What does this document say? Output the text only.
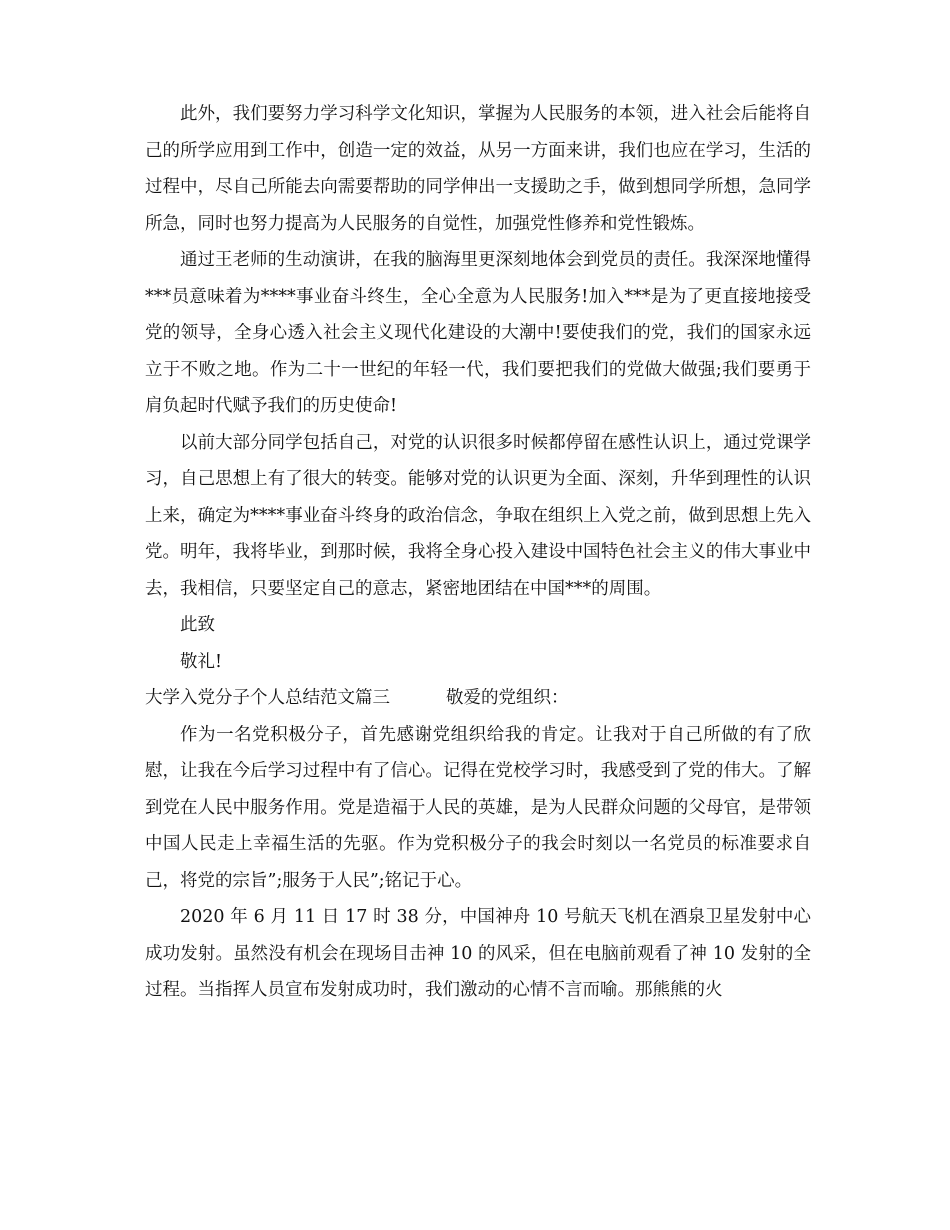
此外，我们要努力学习科学文化知识，掌握为人民服务的本领，进入社会后能将自己的所学应用到工作中，创造一定的效益，从另一方面来讲，我们也应在学习，生活的过程中，尽自己所能去向需要帮助的同学伸出一支援助之手，做到想同学所想，急同学所急，同时也努力提高为人民服务的自觉性，加强党性修养和党性锻炼。

通过王老师的生动演讲，在我的脑海里更深刻地体会到党员的责任。我深深地懂得***员意味着为****事业奋斗终生，全心全意为人民服务!加入***是为了更直接地接受党的领导，全身心透入社会主义现代化建设的大潮中!要使我们的党，我们的国家永远立于不败之地。作为二十一世纪的年轻一代，我们要把我们的党做大做强;我们要勇于肩负起时代赋予我们的历史使命!

以前大部分同学包括自己，对党的认识很多时候都停留在感性认识上，通过党课学习，自己思想上有了很大的转变。能够对党的认识更为全面、深刻，升华到理性的认识上来，确定为****事业奋斗终身的政治信念，争取在组织上入党之前，做到思想上先入党。明年，我将毕业，到那时候，我将全身心投入建设中国特色社会主义的伟大事业中去，我相信，只要坚定自己的意志，紧密地团结在中国***的周围。

此致

敬礼!

大学入党分子个人总结范文篇三	敬爱的党组织：

作为一名党积极分子，首先感谢党组织给我的肯定。让我对于自己所做的有了欣慰，让我在今后学习过程中有了信心。记得在党校学习时，我感受到了党的伟大。了解到党在人民中服务作用。党是造福于人民的英雄，是为人民群众问题的父母官，是带领中国人民走上幸福生活的先驱。作为党积极分子的我会时刻以一名党员的标准要求自己，将党的宗旨”;服务于人民”;铭记于心。

2020 年 6 月 11 日 17 时 38 分，中国神舟 10 号航天飞机在酒泉卫星发射中心成功发射。虽然没有机会在现场目击神 10 的风采，但在电脑前观看了神 10 发射的全过程。当指挥人员宣布发射成功时，我们激动的心情不言而喻。那熊熊的火
